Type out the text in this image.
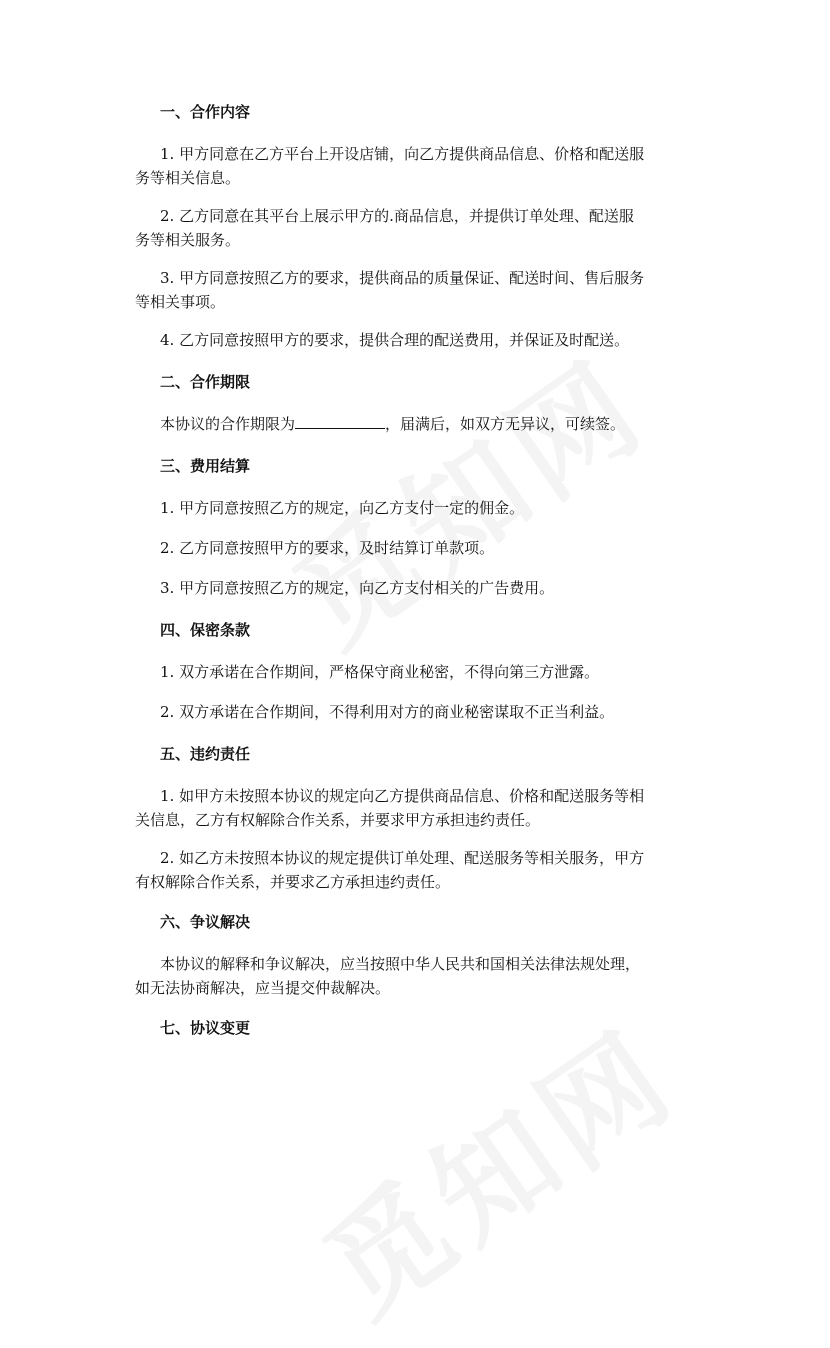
一、合作内容
1. 甲方同意在乙方平台上开设店铺，向乙方提供商品信息、价格和配送服
务等相关信息。
2. 乙方同意在其平台上展示甲方的.商品信息，并提供订单处理、配送服
务等相关服务。
3. 甲方同意按照乙方的要求，提供商品的质量保证、配送时间、售后服务
等相关事项。
4. 乙方同意按照甲方的要求，提供合理的配送费用，并保证及时配送。
二、合作期限
本协议的合作期限为	，届满后，如双方无异议，可续签。
三、费用结算
1. 甲方同意按照乙方的规定，向乙方支付一定的佣金。
2. 乙方同意按照甲方的要求，及时结算订单款项。
3. 甲方同意按照乙方的规定，向乙方支付相关的广告费用。
四、保密条款
1. 双方承诺在合作期间，严格保守商业秘密，不得向第三方泄露。
2. 双方承诺在合作期间，不得利用对方的商业秘密谋取不正当利益。
五、违约责任
1. 如甲方未按照本协议的规定向乙方提供商品信息、价格和配送服务等相
关信息，乙方有权解除合作关系，并要求甲方承担违约责任。
2. 如乙方未按照本协议的规定提供订单处理、配送服务等相关服务，甲方
有权解除合作关系，并要求乙方承担违约责任。
六、争议解决
本协议的解释和争议解决，应当按照中华人民共和国相关法律法规处理，
如无法协商解决，应当提交仲裁解决。
七、协议变更
